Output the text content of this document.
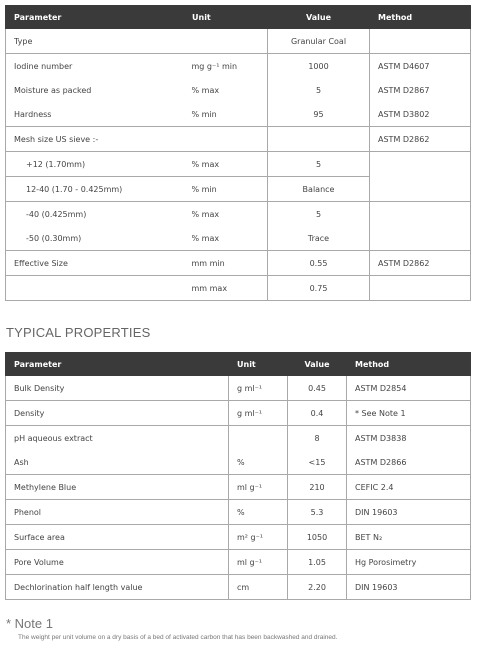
Parameter	Unit	Value	Method
Type		Granular Coal	
Iodine number	mg g⁻¹ min	1000	ASTM D4607
Moisture as packed	% max	5	ASTM D2867
Hardness	% min	95	ASTM D3802
Mesh size US sieve :-			ASTM D2862
+12 (1.70mm)	% max	5	
12-40 (1.70 - 0.425mm)	% min	Balance	
-40 (0.425mm)	% max	5	
-50 (0.30mm)	% max	Trace	
Effective Size	mm min	0.55	ASTM D2862
	mm max	0.75	
TYPICAL PROPERTIES
Parameter	Unit	Value	Method
Bulk Density	g ml⁻¹	0.45	ASTM D2854
Density	g ml⁻¹	0.4	* See Note 1
pH aqueous extract		8	ASTM D3838
Ash	%	<15	ASTM D2866
Methylene Blue	ml g⁻¹	210	CEFIC 2.4
Phenol	%	5.3	DIN 19603
Surface area	m² g⁻¹	1050	BET N₂
Pore Volume	ml g⁻¹	1.05	Hg Porosimetry
Dechlorination half length value	cm	2.20	DIN 19603
* Note 1
The weight per unit volume on a dry basis of a bed of activated carbon that has been backwashed and drained.
